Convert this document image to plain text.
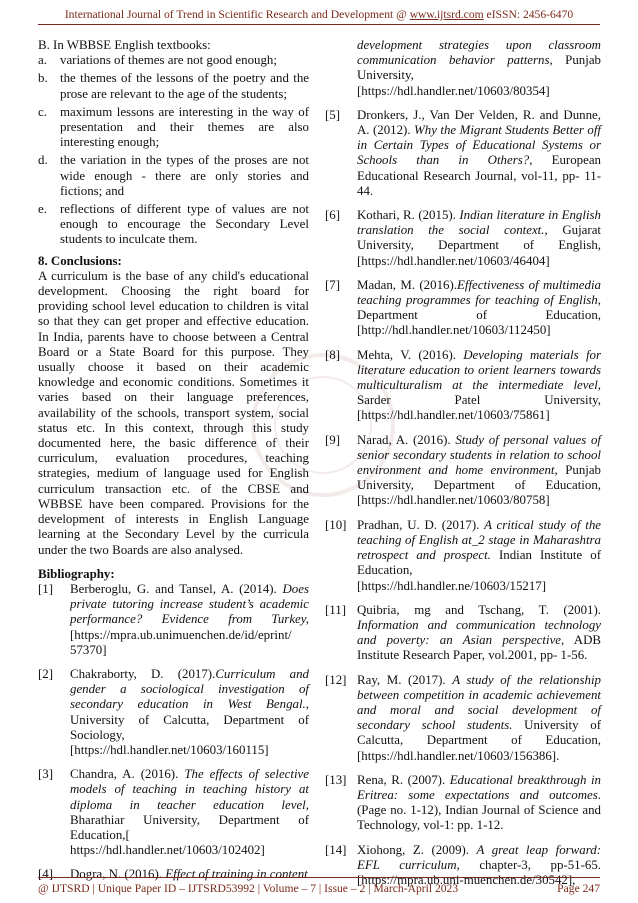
International Journal of Trend in Scientific Research and Development @ www.ijtsrd.com eISSN: 2456-6470
B. In WBBSE English textbooks:
a.	variations of themes are not good enough;
b. the themes of the lessons of the poetry and the prose are relevant to the age of the students;
c.	maximum lessons are interesting in the way of presentation and their themes are also interesting enough;
d. the variation in the types of the proses are not wide enough - there are only stories and fictions; and
e.	reflections of different type of values are not enough to encourage the Secondary Level students to inculcate them.
8. Conclusions:
A curriculum is the base of any child's educational development. Choosing the right board for providing school level education to children is vital so that they can get proper and effective education. In India, parents have to choose between a Central Board or a State Board for this purpose. They usually choose it based on their academic knowledge and economic conditions. Sometimes it varies based on their language preferences, availability of the schools, transport system, social status etc. In this context, through this study documented here, the basic difference of their curriculum, evaluation procedures, teaching strategies, medium of language used for English curriculum transaction etc. of the CBSE and WBBSE have been compared. Provisions for the development of interests in English Language learning at the Secondary Level by the curricula under the two Boards are also analysed.
Bibliography:
[1]	Berberoglu, G. and Tansel, A. (2014). Does private tutoring increase student’s academic performance? Evidence from Turkey, [https://mpra.ub.unimuenchen.de/id/eprint/ 57370]
[2]	Chakraborty, D. (2017).Curriculum and gender a sociological investigation of secondary education in West Bengal., University of Calcutta, Department of Sociology, [https://hdl.handler.net/10603/160115]
[3]	Chandra, A. (2016). The effects of selective models of teaching in teaching history at diploma in teacher education level, Bharathiar University, Department of Education,[ https://hdl.handler.net/10603/102402]
[4]	Dogra, N. (2016). Effect of training in content
development strategies upon classroom communication behavior patterns, Punjab University, [https://hdl.handler.net/10603/80354]
[5]	Dronkers, J., Van Der Velden, R. and Dunne, A. (2012). Why the Migrant Students Better off in Certain Types of Educational Systems or Schools than in Others?, European Educational Research Journal, vol-11, pp- 11-44.
[6]	Kothari, R. (2015). Indian literature in English translation the social context., Gujarat University, Department of English, [https://hdl.handler.net/10603/46404]
[7]	Madan, M. (2016).Effectiveness of multimedia teaching programmes for teaching of English, Department of Education, [http://hdl.handler.net/10603/112450]
[8]	Mehta, V. (2016). Developing materials for literature education to orient learners towards multiculturalism at the intermediate level, Sarder Patel University, [https://hdl.handler.net/10603/75861]
[9]	Narad, A. (2016). Study of personal values of senior secondary students in relation to school environment and home environment, Punjab University, Department of Education, [https://hdl.handler.net/10603/80758]
[10] Pradhan, U. D. (2017). A critical study of the teaching of English at_2 stage in Maharashtra retrospect and prospect. Indian Institute of Education, [https://hdl.handler.ne/10603/15217]
[11] Quibria, mg and Tschang, T. (2001). Information and communication technology and poverty: an Asian perspective, ADB Institute Research Paper, vol.2001, pp- 1-56.
[12] Ray, M. (2017). A study of the relationship between competition in academic achievement and moral and social development of secondary school students. University of Calcutta, Department of Education, [https://hdl.handler.net/10603/156386].
[13] Rena, R. (2007). Educational breakthrough in Eritrea: some expectations and outcomes. (Page no. 1-12), Indian Journal of Science and Technology, vol-1: pp. 1-12.
[14] Xiohong, Z. (2009). A great leap forward: EFL curriculum, chapter-3, pp-51-65. [https://mpra.ub.uni-muenchen.de/30542],
@ IJTSRD | Unique Paper ID – IJTSRD53992 | Volume – 7 | Issue – 2 | March-April 2023	Page 247
